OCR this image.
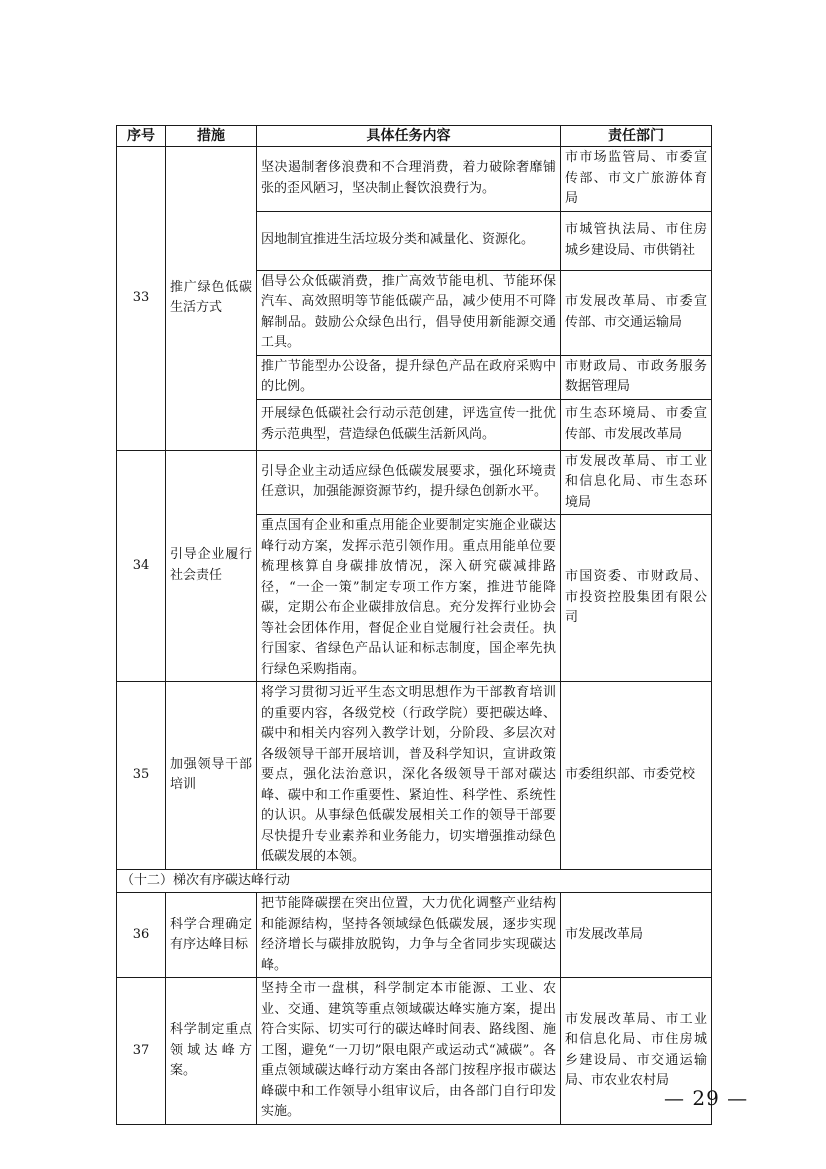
序号	措施	具体任务内容	责任部门
33	推广绿色低碳生活方式	坚决遏制奢侈浪费和不合理消费，着力破除奢靡铺张的歪风陋习，坚决制止餐饮浪费行为。	市市场监管局、市委宣传部、市文广旅游体育局
		因地制宜推进生活垃圾分类和减量化、资源化。	市城管执法局、市住房城乡建设局、市供销社
		倡导公众低碳消费，推广高效节能电机、节能环保汽车、高效照明等节能低碳产品，减少使用不可降解制品。鼓励公众绿色出行，倡导使用新能源交通工具。	市发展改革局、市委宣传部、市交通运输局
		推广节能型办公设备，提升绿色产品在政府采购中的比例。	市财政局、市政务服务数据管理局
		开展绿色低碳社会行动示范创建，评选宣传一批优秀示范典型，营造绿色低碳生活新风尚。	市生态环境局、市委宣传部、市发展改革局
34	引导企业履行社会责任	引导企业主动适应绿色低碳发展要求，强化环境责任意识，加强能源资源节约，提升绿色创新水平。	市发展改革局、市工业和信息化局、市生态环境局
		重点国有企业和重点用能企业要制定实施企业碳达峰行动方案，发挥示范引领作用。重点用能单位要梳理核算自身碳排放情况，深入研究碳减排路径，“一企一策”制定专项工作方案，推进节能降碳，定期公布企业碳排放信息。充分发挥行业协会等社会团体作用，督促企业自觉履行社会责任。执行国家、省绿色产品认证和标志制度，国企率先执行绿色采购指南。	市国资委、市财政局、市投资控股集团有限公司
35	加强领导干部培训	将学习贯彻习近平生态文明思想作为干部教育培训的重要内容，各级党校（行政学院）要把碳达峰、碳中和相关内容列入教学计划，分阶段、多层次对各级领导干部开展培训，普及科学知识，宣讲政策要点，强化法治意识，深化各级领导干部对碳达峰、碳中和工作重要性、紧迫性、科学性、系统性的认识。从事绿色低碳发展相关工作的领导干部要尽快提升专业素养和业务能力，切实增强推动绿色低碳发展的本领。	市委组织部、市委党校
（十二）梯次有序碳达峰行动			
36	科学合理确定有序达峰目标	把节能降碳摆在突出位置，大力优化调整产业结构和能源结构，坚持各领域绿色低碳发展，逐步实现经济增长与碳排放脱钩，力争与全省同步实现碳达峰。	市发展改革局
37	科学制定重点领域达峰方案。	坚持全市一盘棋，科学制定本市能源、工业、农业、交通、建筑等重点领域碳达峰实施方案，提出符合实际、切实可行的碳达峰时间表、路线图、施工图，避免“一刀切”限电限产或运动式“减碳”。各重点领域碳达峰行动方案由各部门按程序报市碳达峰碳中和工作领导小组审议后，由各部门自行印发实施。	市发展改革局、市工业和信息化局、市住房城乡建设局、市交通运输局、市农业农村局
— 29 —
